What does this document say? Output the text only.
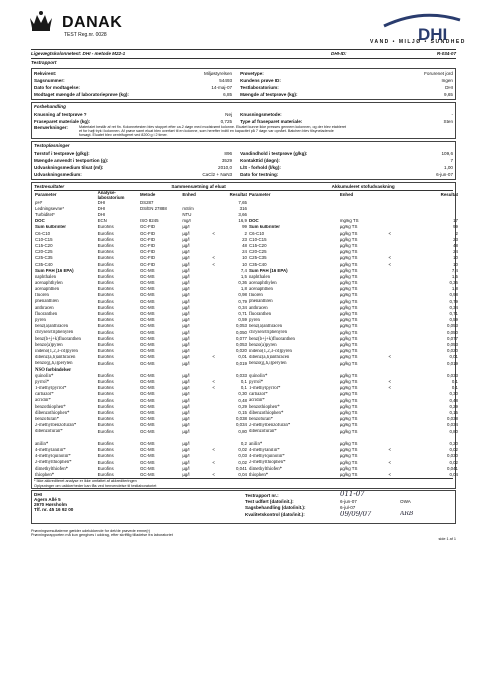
DANAK
TEST Reg.nr. 0028	DHI
VAND • MILJØ • SUNDHED
Ligevægtskolonnetest: DHI - metode M22-1	DHI-ID:	R-034-07
Testrapport
Rekvirent:	Miljøstyrelsen	Prøvetype:	Forurenet jord
Sagsnummer:	54493	Kundens prøve ID:	Ingen
Dato for modtagelse:	14-maj-07	Testlaboratorium:	DHI
Modtaget mængde af laboratorieprøve (kg):	6,85	Mængde af testprøve (kg):	9,65
Forbehandling
Knusning af testprøve ?	Nej	Knusningsmetode:	-
Fraseparet materiale (kg):	0,725	Type af fraseparet materiale:	Sten
Bemærkninger:	Materialet består af ret fin. Kolonnetesten blev stoppet efter ca.2 døgn med modstrømt kolonne. Eluatet kunne ikke presses gennem kolonnen, og der blev etableret
et for højt tryk i kolonnen. Af prøve samt eluat blev overført til en kolonne, som herefter indtil en kapacitet på 7 døgn var opnået. Batchen blev tilsyneladende
forsøgt. Eluatet blev centrifugeret ved 8200 g i 2 timer.
Testopløsninger
Tørstof i testprøve (g/kg):	896	Vandindhold i testprøve (g/kg):	109,6
Mængde anvendt i testportion (g):	3529	Kontakttid (døgn):	7
Udvaskningsmedium tilsat (ml):	2010,0	L/S - forhold (l/kg):	1,00
Udvaskningsmedium:	CaCl2 + NaN3	Dato for testning:	6-jun-07
Testresultater	Sammensætning af eluat	Akkumuleret stofudvaskning
Parameter	Analyse-laboratorium	Metode	Enhed		Resultat	Parameter	Enhed		Resultat
pH*	DHI	DS287			7,65				
Ledningsevne*	DHI	DS/EN 27888	mS/m		316				
Turbiditet*	DHI		NTU		3,66				
DOC	ECN	ISO 8245	mg/l		16,9	DOC	mg/kg TS		17
Sum kulbrinter	Eurofins	GC-FID	µg/l		99	Sum kulbrinter	µg/kg TS		99
C6-C10	Eurofins	GC-FID	µg/l	<	2	C6-C10	µg/kg TS	<	2
C10-C15	Eurofins	GC-FID	µg/l		23	C10-C15	µg/kg TS		23
C15-C20	Eurofins	GC-FID	µg/l		48	C15-C20	µg/kg TS		48
C20-C25	Eurofins	GC-FID	µg/l		24	C20-C25	µg/kg TS		24
C25-C35	Eurofins	GC-FID	µg/l	<	10	C25-C35	µg/kg TS	<	10
C35-C40	Eurofins	GC-FID	µg/l	<	10	C35-C40	µg/kg TS	<	10
Sum PAH (16 EPA)	Eurofins	GC-MS	µg/l		7,4	Sum PAH (16 EPA)	µg/kg TS		7,4
naphthalen	Eurofins	GC-MS	µg/l		1,5	naphthalen	µg/kg TS		1,5
acenaphthylen	Eurofins	GC-MS	µg/l		0,36	acenaphthylen	µg/kg TS		0,36
acenaphthen	Eurofins	GC-MS	µg/l		1,8	acenaphthen	µg/kg TS		1,8
fluoren	Eurofins	GC-MS	µg/l		0,98	fluoren	µg/kg TS		0,98
phenanthren	Eurofins	GC-MS	µg/l		0,79	phenanthren	µg/kg TS		0,79
anthracen	Eurofins	GC-MS	µg/l		0,34	anthracen	µg/kg TS		0,34
fluoranthen	Eurofins	GC-MS	µg/l		0,71	fluoranthen	µg/kg TS		0,71
pyren	Eurofins	GC-MS	µg/l		0,59	pyren	µg/kg TS		0,59
benz(a)anthracen	Eurofins	GC-MS	µg/l		0,053	benz(a)anthracen	µg/kg TS		0,053
chrysen/triphenylen	Eurofins	GC-MS	µg/l		0,050	chrysen/triphenylen	µg/kg TS		0,050
benz(b+j+k)fluoranthen	Eurofins	GC-MS	µg/l		0,077	benz(b+j+k)fluoranthen	µg/kg TS		0,077
benzo(a)pyren	Eurofins	GC-MS	µg/l		0,053	benzo(a)pyren	µg/kg TS		0,053
indeno(1,2,3-cd)pyren	Eurofins	GC-MS	µg/l		0,020	indeno(1,2,3-cd)pyren	µg/kg TS		0,020
dibenz(a,h)anthracen	Eurofins	GC-MS	µg/l	<	0,01	dibenz(a,h)anthracen	µg/kg TS	<	0,01
benzo(g,h,i)perylen	Eurofins	GC-MS	µg/l		0,019	benzo(g,h,i)perylen	µg/kg TS		0,019
NSO forbindelser									
quinolin*	Eurofins	GC-MS	µg/l		0,033	quinolin*	µg/kg TS		0,033
pyrrol*	Eurofins	GC-MS	µg/l	<	0,1	pyrrol*	µg/kg TS	<	0,1
1-methylpyrrol*	Eurofins	GC-MS	µg/l	<	0,1	1-methylpyrrol*	µg/kg TS	<	0,1
carbazol*	Eurofins	GC-MS	µg/l		0,30	carbazol*	µg/kg TS		0,30
acridin*	Eurofins	GC-MS	µg/l		0,48	acridin*	µg/kg TS		0,48
benzothiophen*	Eurofins	GC-MS	µg/l		0,29	benzothiophen*	µg/kg TS		0,29
dibenzothiophen*	Eurofins	GC-MS	µg/l		0,15	dibenzothiophen*	µg/kg TS		0,15
benzofuran*	Eurofins	GC-MS	µg/l		0,038	benzofuran*	µg/kg TS		0,038
2-methylbenzofuran*	Eurofins	GC-MS	µg/l		0,034	2-methylbenzofuran*	µg/kg TS		0,034
dibenzofuran*	Eurofins	GC-MS	µg/l		0,80	dibenzofuran*	µg/kg TS		0,80

anilin*	Eurofins	GC-MS	µg/l		0,2	anilin*	µg/kg TS		0,20
4-methylanilin*	Eurofins	GC-MS	µg/l	<	0,02	4-methylanilin*	µg/kg TS	<	0,02
4-methylquinolin*	Eurofins	GC-MS	µg/l		0,03	4-methylquinolin*	µg/kg TS		0,030
2-methylthiophen*	Eurofins	GC-MS	µg/l	<	0,02	2-methylthiophen*	µg/kg TS	<	0,02
dimethylthiofen*	Eurofins	GC-MS	µg/l		0,041	dimethylthiofen*	µg/kg TS		0,041
thiophen*	Eurofins	GC-MS	µg/l	<	0,04	thiophen*	µg/kg TS	<	0,04
* Ikke akkrediteret analyse er ikke omfattet af akkrediteringen
Oplysninger om usikkerheder kan fås ved henvendelse til testlaboratoriet
DHI
Agern Allé 5
2970 Hørsholm
Tlf. nr. 45 16 92 00
Testrapport nr.:	011-07
Test udført (dato/init.):	6-jun-07	OWA
Sagsbehandling (dato/init.):	6-jul-07
Kvalitetskontrol (dato/init.):	09/09/07	ARB
Prøvningsresultaterne gælder udelukkende for det/de prøvede emne(r)
Prøvningsrapporten må kun gengives i uddrag, efter skriftlig tilladelse fra laboratoriet
side 1 af 1
